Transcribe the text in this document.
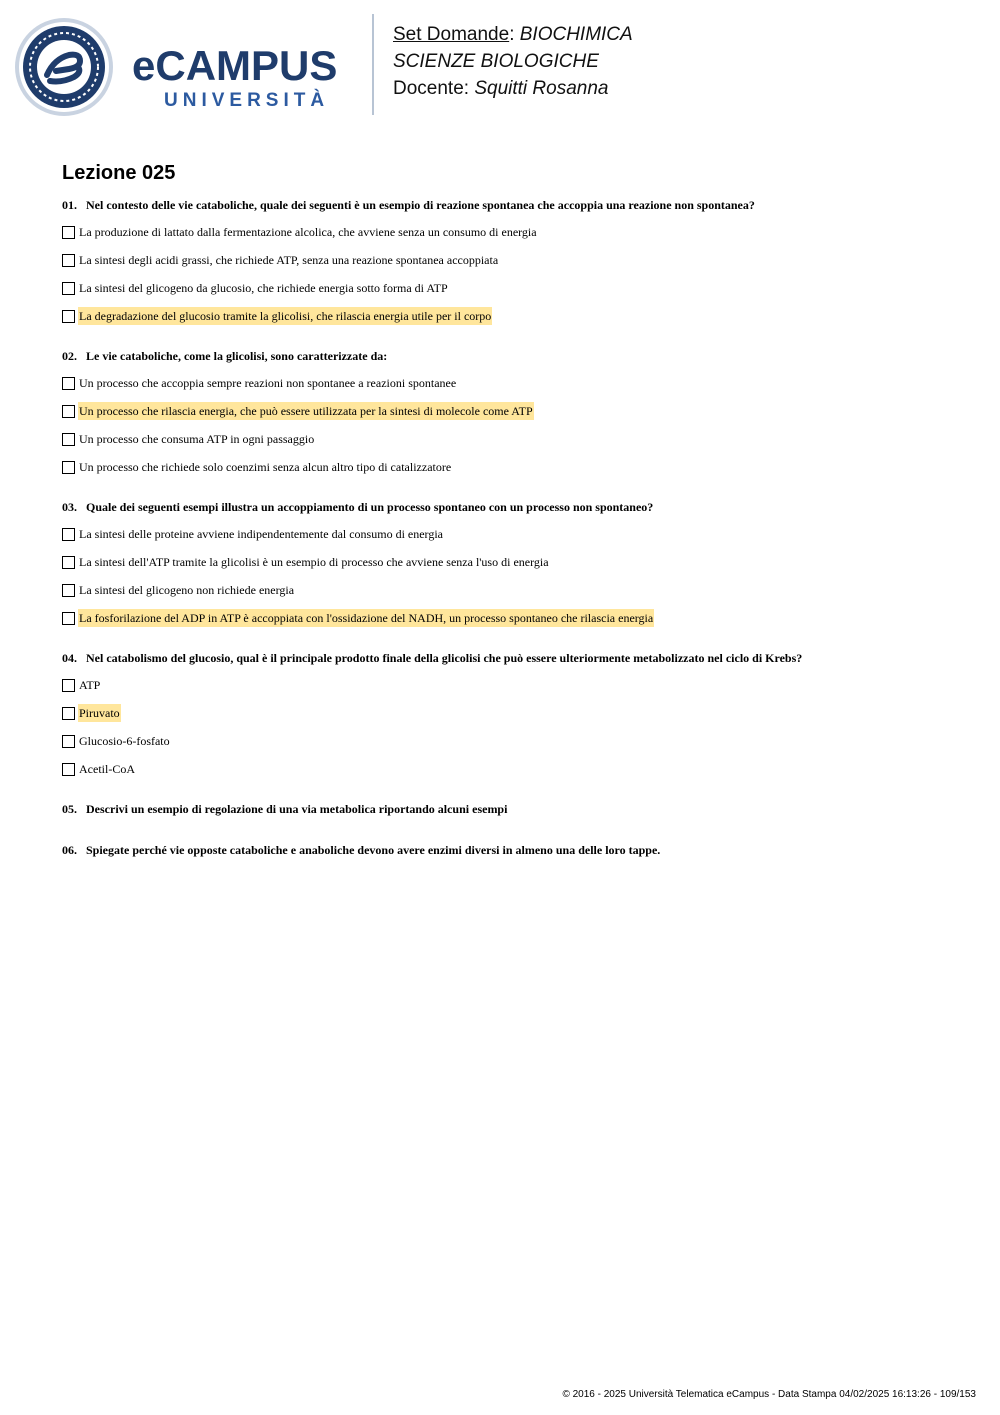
eCAMPUS
UNIVERSITÀ
Set Domande: BIOCHIMICA
SCIENZE BIOLOGICHE
Docente: Squitti Rosanna
Lezione 025
01. Nel contesto delle vie cataboliche, quale dei seguenti è un esempio di reazione spontanea che accoppia una reazione non spontanea?
La produzione di lattato dalla fermentazione alcolica, che avviene senza un consumo di energia
La sintesi degli acidi grassi, che richiede ATP, senza una reazione spontanea accoppiata
La sintesi del glicogeno da glucosio, che richiede energia sotto forma di ATP
La degradazione del glucosio tramite la glicolisi, che rilascia energia utile per il corpo
02. Le vie cataboliche, come la glicolisi, sono caratterizzate da:
Un processo che accoppia sempre reazioni non spontanee a reazioni spontanee
Un processo che rilascia energia, che può essere utilizzata per la sintesi di molecole come ATP
Un processo che consuma ATP in ogni passaggio
Un processo che richiede solo coenzimi senza alcun altro tipo di catalizzatore
03. Quale dei seguenti esempi illustra un accoppiamento di un processo spontaneo con un processo non spontaneo?
La sintesi delle proteine avviene indipendentemente dal consumo di energia
La sintesi dell'ATP tramite la glicolisi è un esempio di processo che avviene senza l'uso di energia
La sintesi del glicogeno non richiede energia
La fosforilazione del ADP in ATP è accoppiata con l'ossidazione del NADH, un processo spontaneo che rilascia energia
04. Nel catabolismo del glucosio, qual è il principale prodotto finale della glicolisi che può essere ulteriormente metabolizzato nel ciclo di Krebs?
ATP
Piruvato
Glucosio-6-fosfato
Acetil-CoA
05. Descrivi un esempio di regolazione di una via metabolica riportando alcuni esempi
06. Spiegate perché vie opposte cataboliche e anaboliche devono avere enzimi diversi in almeno una delle loro tappe.
© 2016 - 2025 Università Telematica eCampus - Data Stampa 04/02/2025 16:13:26 - 109/153
